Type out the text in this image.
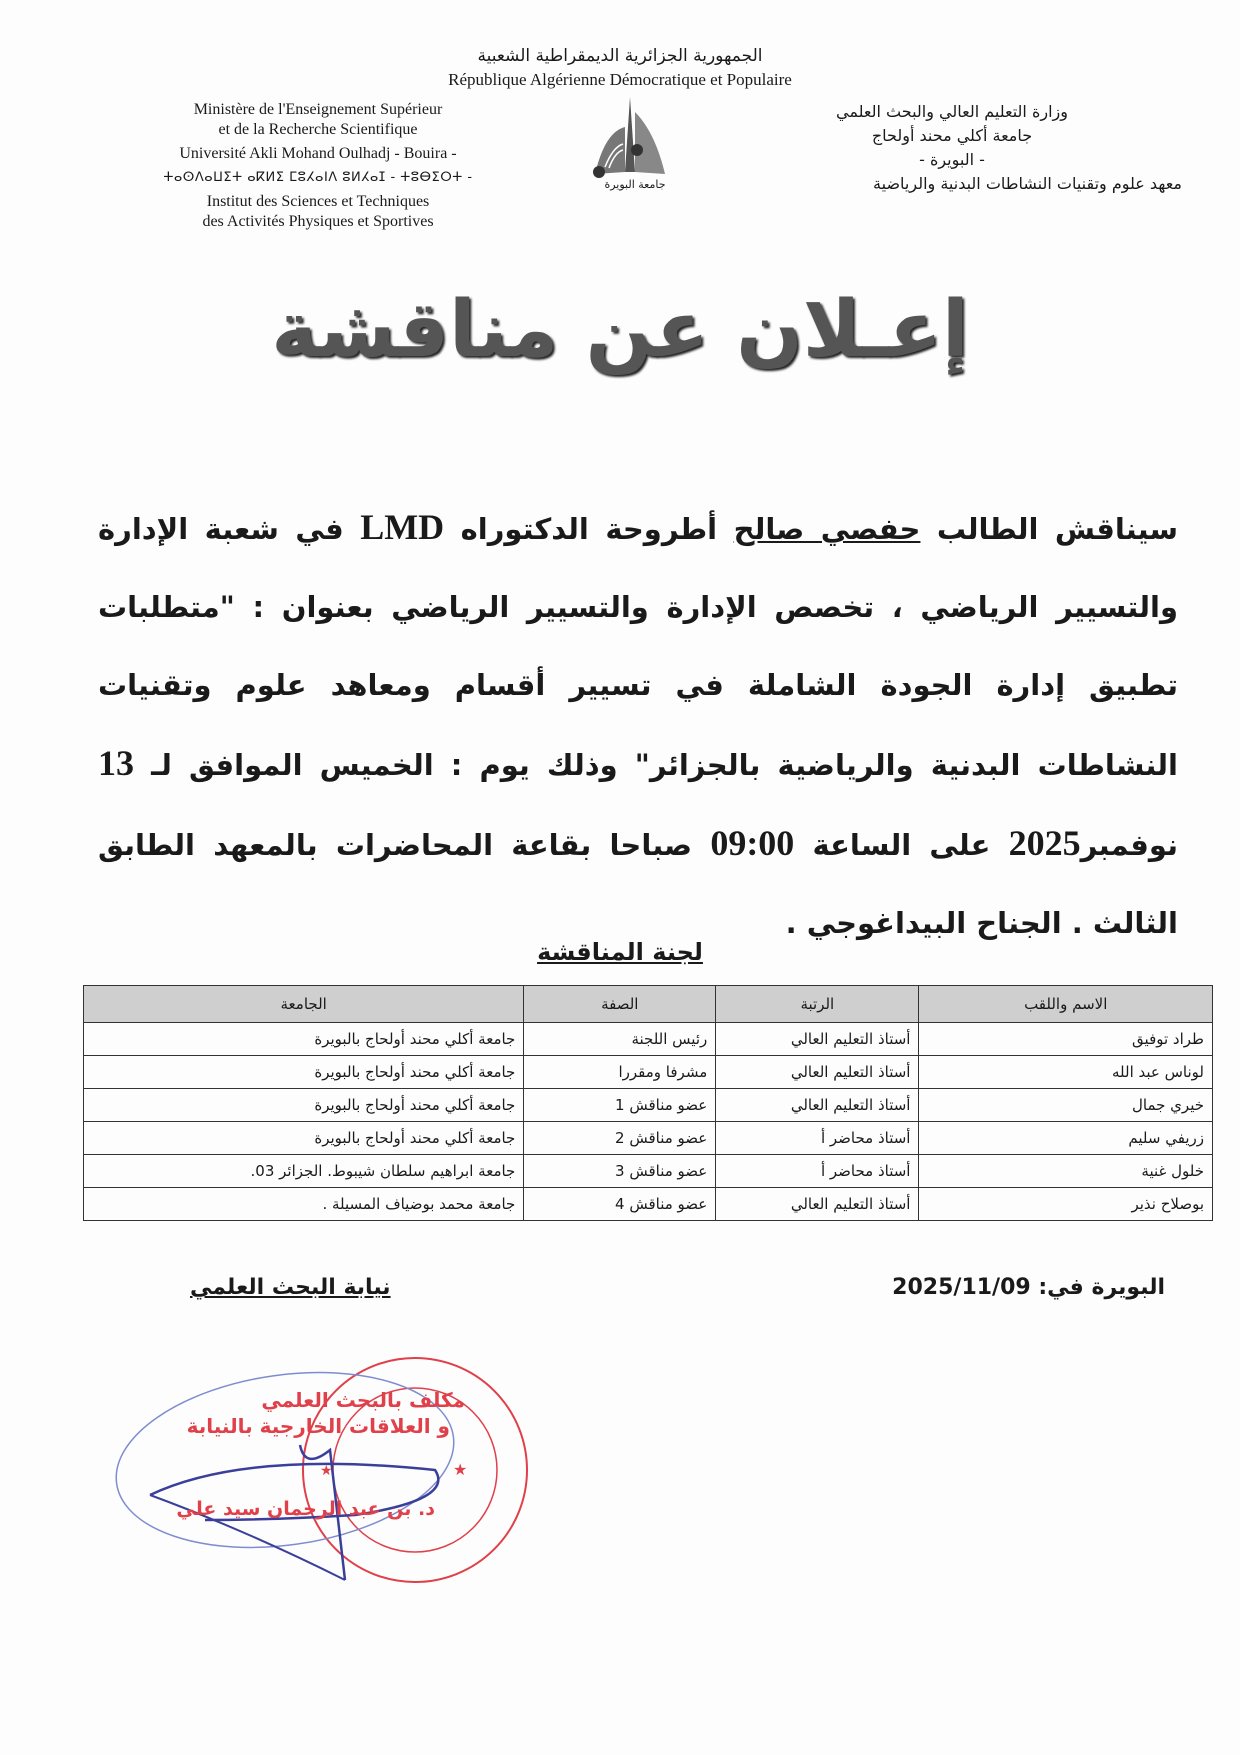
الجمهورية الجزائرية الديمقراطية الشعبية
République Algérienne Démocratique et Populaire
Ministère de l'Enseignement Supérieur
et de la Recherche Scientifique
Université Akli Mohand Oulhadj - Bouira -
ⵜⴰⵙⴷⴰⵡⵉⵜ ⴰⴽⵍⵉ ⵎⵓⵃⴰⵏⴷ ⵓⵍⵃⴰⵊ - ⵜⵓⴱⵉⵔⵜ -
Institut des Sciences et Techniques
des Activités Physiques et Sportives
جامعة البويرة
وزارة التعليم العالي والبحث العلمي
جامعة أكلي محند أولحاج
- البويرة -
معهد علوم وتقنيات النشاطات البدنية والرياضية
إعـلان عن مناقشة
سيناقش الطالب حفصي صالح أطروحة الدكتوراه LMD في شعبة الإدارة والتسيير الرياضي ، تخصص الإدارة والتسيير الرياضي بعنوان : "متطلبات تطبيق إدارة الجودة الشاملة في تسيير أقسام ومعاهد علوم وتقنيات النشاطات البدنية والرياضية بالجزائر" وذلك يوم : الخميس الموافق لـ 13 نوفمبر2025 على الساعة 09:00 صباحا بقاعة المحاضرات بالمعهد الطابق الثالث . الجناح البيداغوجي .
لجنة المناقشة
الاسم واللقب	الرتبة	الصفة	الجامعة
طراد توفيق	أستاذ التعليم العالي	رئيس اللجنة	جامعة أكلي محند أولحاج بالبويرة
لوناس عبد الله	أستاذ التعليم العالي	مشرفا ومقررا	جامعة أكلي محند أولحاج بالبويرة
خيري جمال	أستاذ التعليم العالي	عضو مناقش 1	جامعة أكلي محند أولحاج بالبويرة
زريفي سليم	أستاذ محاضر أ	عضو مناقش 2	جامعة أكلي محند أولحاج بالبويرة
خلول غنية	أستاذ محاضر أ	عضو مناقش 3	جامعة ابراهيم سلطان شيبوط. الجزائر 03.
بوصلاح نذير	أستاذ التعليم العالي	عضو مناقش 4	جامعة محمد بوضياف المسيلة .
البويرة في: 2025/11/09
نيابة البحث العلمي
★
★
مكلف بالبحث العلمي
و العلاقات الخارجية بالنيابة
د. بن عبد الرحمان سيد علي
